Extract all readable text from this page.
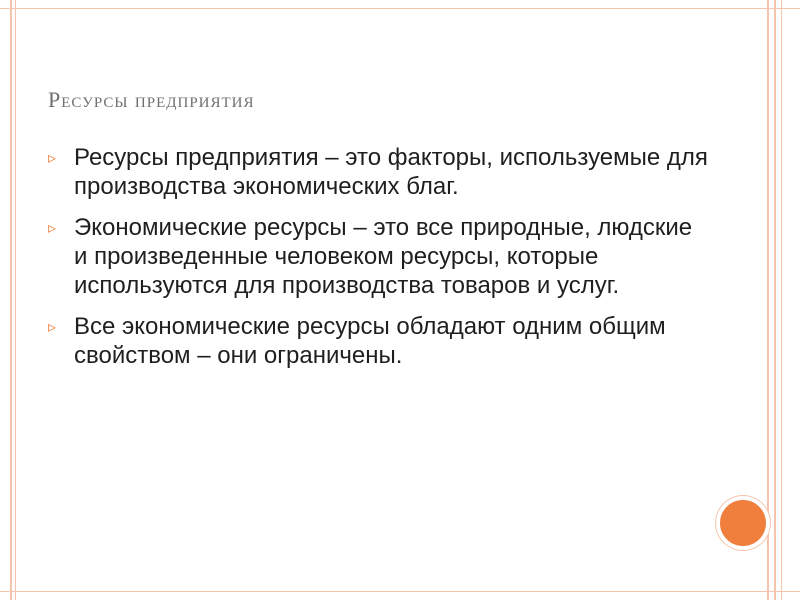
Ресурсы предприятия
▹ Ресурсы предприятия – это факторы, используемые для производства экономических благ.
▹ Экономические ресурсы – это все природные, людские и произведенные человеком ресурсы, которые используются для производства товаров и услуг.
▹ Все экономические ресурсы обладают одним общим свойством – они ограничены.
